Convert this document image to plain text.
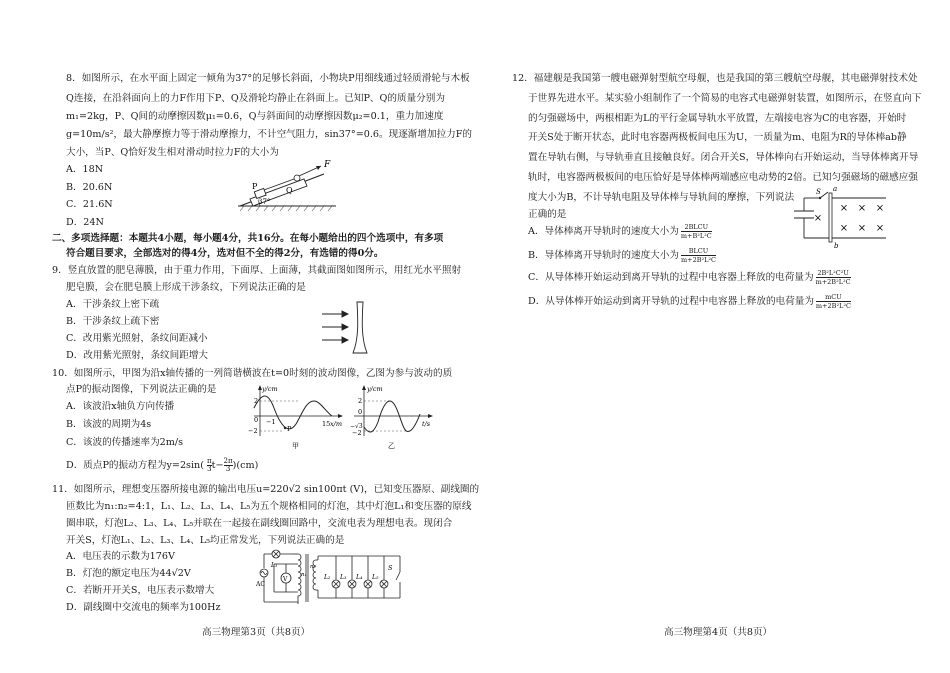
8．如图所示，在水平面上固定一倾角为37°的足够长斜面，小物块P用细线通过轻质滑轮与木板
Q连接，在沿斜面向上的力F作用下P、Q及滑轮均静止在斜面上。已知P、Q的质量分别为
m₁=2kg，P、Q间的动摩擦因数μ₁=0.6，Q与斜面间的动摩擦因数μ₂=0.1，重力加速度
g=10m/s²，最大静摩擦力等于滑动摩擦力，不计空气阻力，sin37°=0.6。现逐渐增加拉力F的
大小，当P、Q恰好发生相对滑动时拉力F的大小为
A．18N
B．20.6N
C．21.6N
D．24N
F
P	Q
37°
二、多项选择题：本题共4小题，每小题4分，共16分。在每小题给出的四个选项中，有多项
符合题目要求，全部选对的得4分，选对但不全的得2分，有选错的得0分。
9．竖直放置的肥皂薄膜，由于重力作用，下面厚、上面薄，其截面图如图所示，用红光水平照射
肥皂膜，会在肥皂膜上形成干涉条纹，下列说法正确的是
A．干涉条纹上密下疏
B．干涉条纹上疏下密
C．改用紫光照射，条纹间距减小
D．改用紫光照射，条纹间距增大
10．如图所示，甲图为沿x轴传播的一列简谐横波在t=0时刻的波动图像，乙图为参与波动的质
点P的振动图像，下列说法正确的是
A．该波沿x轴负方向传播
B．该波的周期为4s
C．该波的传播速率为2m/s
D．质点P的振动方程为$y=2\sin( \frac{\pi}{3} t- \frac{2\pi}{3} )(cm)$
y/cm
x/m
2
0
−2
−1	15
P
甲
y/cm
t/s
2
0
−√3
−2
乙
11．如图所示，理想变压器所接电源的输出电压u=220√2 sin100πt (V)，已知变压器原、副线圈的
匝数比为n₁:n₂=4:1，L₁、L₂、L₃、L₄、L₅为五个规格相同的灯泡，其中灯泡L₁和变压器的原线
圈串联，灯泡L₂、L₃、L₄、L₅并联在一起接在副线圈回路中，交流电表为理想电表。现闭合
开关S，灯泡L₁、L₂、L₃、L₄、L₅均正常发光，下列说法正确的是
A．电压表的示数为176V
B．灯泡的额定电压为44√2V
C．若断开开关S，电压表示数增大
D．副线圈中交流电的频率为100Hz
L₁
AC
V
n₁
n₂
L₂ L₃ L₄ L₅
S
高三物理第3页（共8页）
12．福建舰是我国第一艘电磁弹射型航空母舰，也是我国的第三艘航空母舰，其电磁弹射技术处
于世界先进水平。某实验小组制作了一个简易的电容式电磁弹射装置，如图所示，在竖直向下
的匀强磁场中，两根相距为L的平行金属导轨水平放置，左端接电容为C的电容器，开始时
开关S处于断开状态，此时电容器两极板间电压为U，一质量为m、电阻为R的导体棒ab静
置在导轨右侧，与导轨垂直且接触良好。闭合开关S，导体棒向右开始运动，当导体棒离开导
轨时，电容器两极板间的电压恰好是导体棒两端感应电动势的2倍。已知匀强磁场的磁感应强
度大小为B，不计导轨电阻及导体棒与导轨间的摩擦，下列说法
正确的是
A．导体棒离开导轨时的速度大小为 2BLCU
m+B²L²C
B．导体棒离开导轨时的速度大小为	BLCU
m+2B²L²C
C．从导体棒开始运动到离开导轨的过程中电容器上释放的电荷量为 $\frac{\text{2B²L²C²U}}{\text{m+2B²L²C}}$
D．从导体棒开始运动到离开导轨的过程中电容器上释放的电荷量为	mCU
m+2B²L²C
×
×
×
×
×
×
×
S a
b
高三物理第4页（共8页）
